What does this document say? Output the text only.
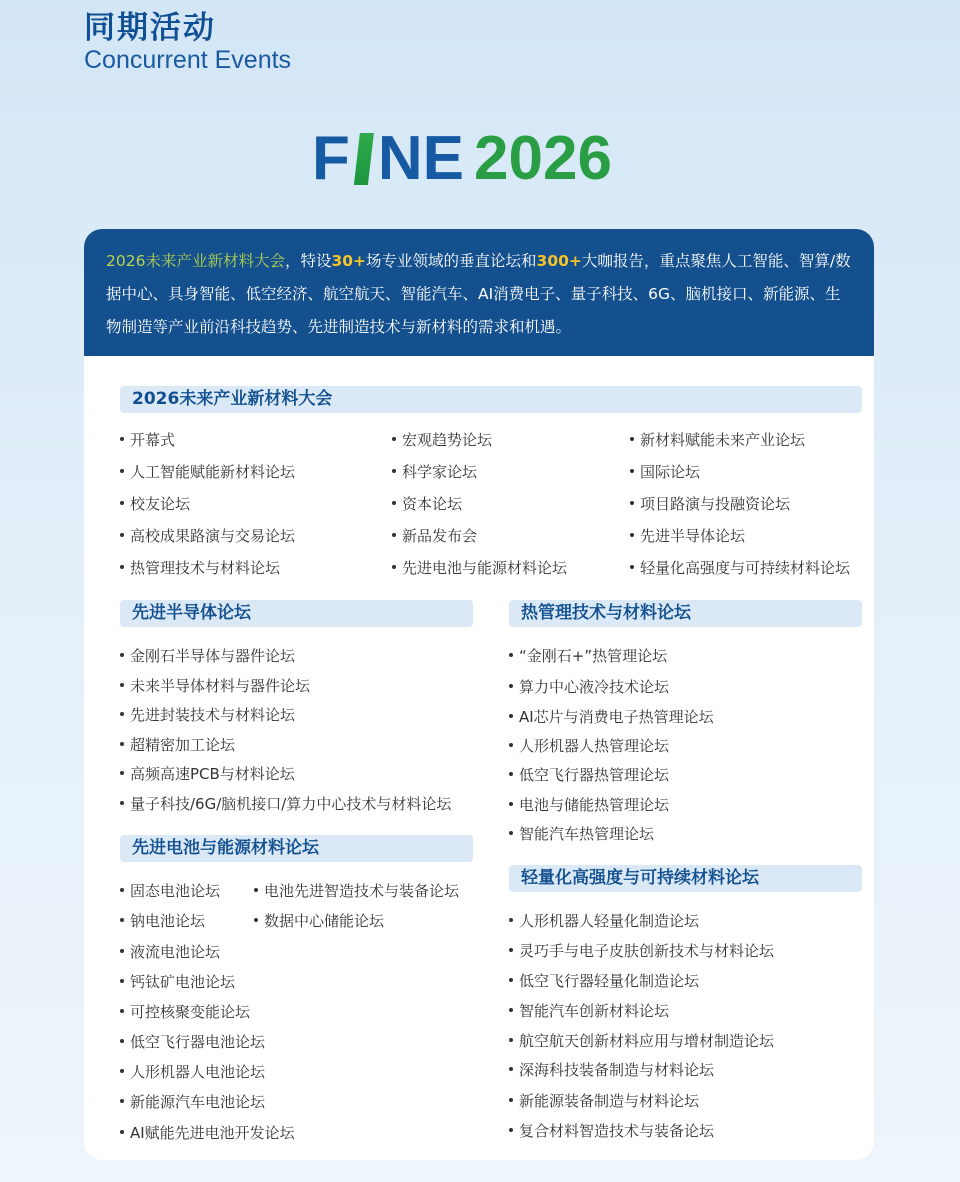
同期活动
Concurrent Events
F NE 2026
2026未来产业新材料大会，特设30+场专业领域的垂直论坛和300+大咖报告，重点聚焦人工智能、智算/数据中心、具身智能、低空经济、航空航天、智能汽车、AI消费电子、量子科技、6G、脑机接口、新能源、生物制造等产业前沿科技趋势、先进制造技术与新材料的需求和机遇。
2026未来产业新材料大会
开幕式
人工智能赋能新材料论坛
校友论坛
高校成果路演与交易论坛
热管理技术与材料论坛
宏观趋势论坛
科学家论坛
资本论坛
新品发布会
先进电池与能源材料论坛
新材料赋能未来产业论坛
国际论坛
项目路演与投融资论坛
先进半导体论坛
轻量化高强度与可持续材料论坛
先进半导体论坛
金刚石半导体与器件论坛
未来半导体材料与器件论坛
先进封装技术与材料论坛
超精密加工论坛
高频高速PCB与材料论坛
量子科技/6G/脑机接口/算力中心技术与材料论坛
热管理技术与材料论坛
“金刚石+”热管理论坛
算力中心液冷技术论坛
AI芯片与消费电子热管理论坛
人形机器人热管理论坛
低空飞行器热管理论坛
电池与储能热管理论坛
智能汽车热管理论坛
先进电池与能源材料论坛
固态电池论坛
钠电池论坛
液流电池论坛
钙钛矿电池论坛
可控核聚变能论坛
低空飞行器电池论坛
人形机器人电池论坛
新能源汽车电池论坛
AI赋能先进电池开发论坛
电池先进智造技术与装备论坛
数据中心储能论坛
轻量化高强度与可持续材料论坛
人形机器人轻量化制造论坛
灵巧手与电子皮肤创新技术与材料论坛
低空飞行器轻量化制造论坛
智能汽车创新材料论坛
航空航天创新材料应用与增材制造论坛
深海科技装备制造与材料论坛
新能源装备制造与材料论坛
复合材料智造技术与装备论坛
